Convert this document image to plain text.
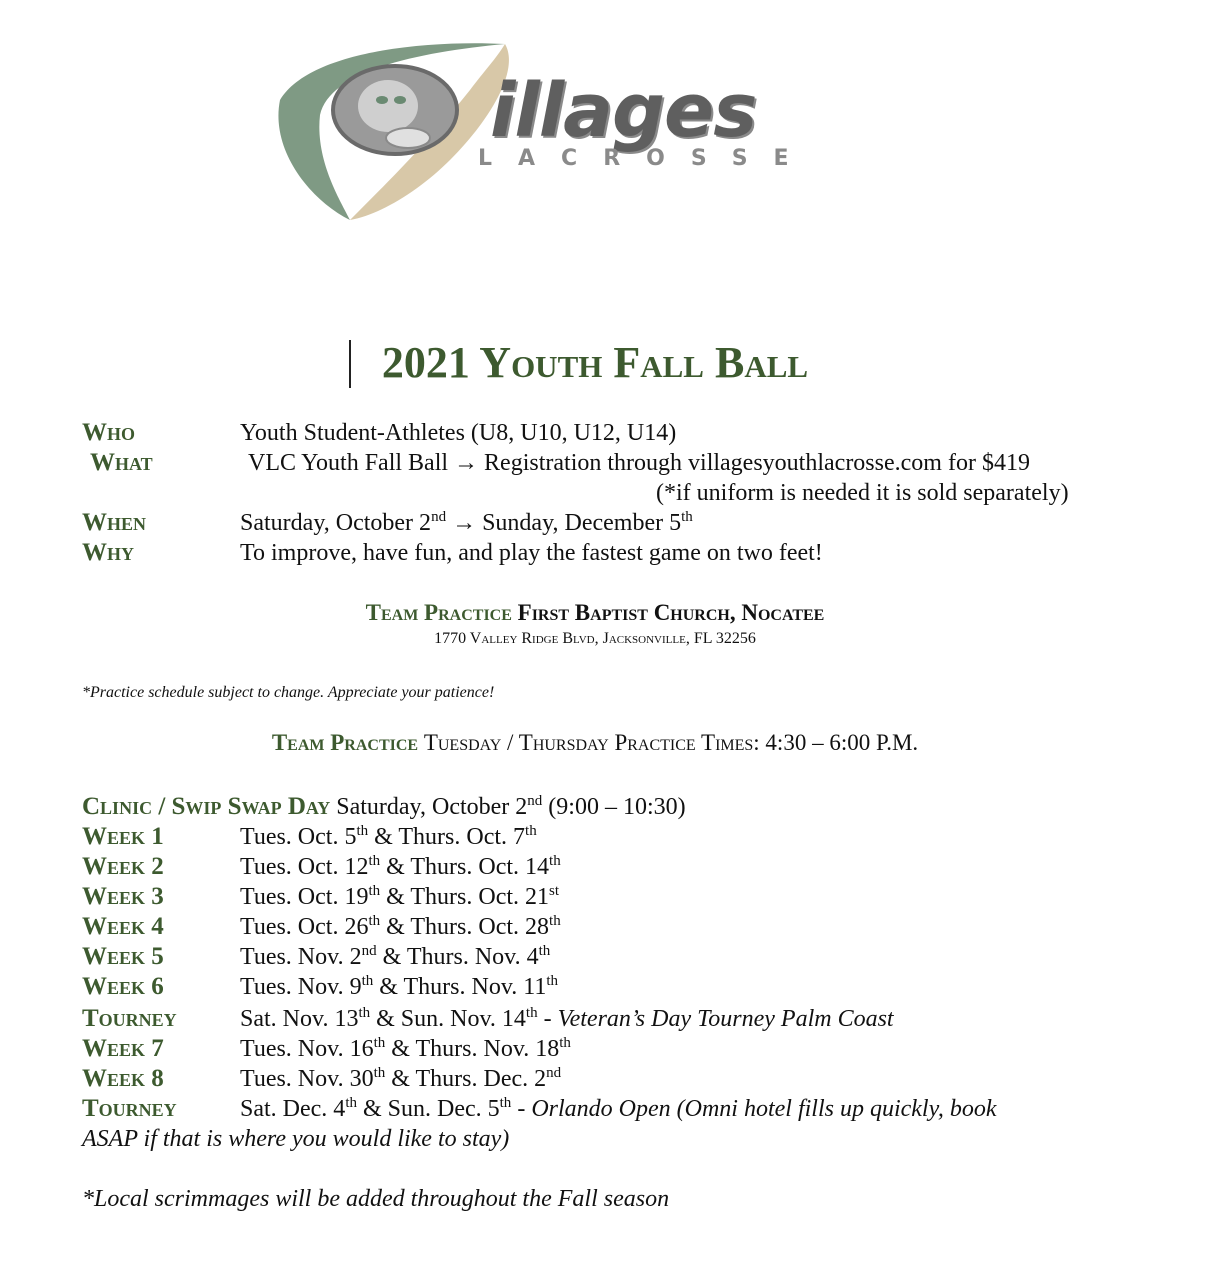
illages
LACROSSE
2021 Youth Fall Ball
Who	Youth Student-Athletes (U8, U10, U12, U14)
What	VLC Youth Fall Ball → Registration through villagesyouthlacrosse.com for $419
(*if uniform is needed it is sold separately)
When	Saturday, October 2nd → Sunday, December 5th
Why	To improve, have fun, and play the fastest game on two feet!
Team Practice First Baptist Church, Nocatee
1770 Valley Ridge Blvd, Jacksonville, FL 32256
*Practice schedule subject to change. Appreciate your patience!
Team Practice Tuesday / Thursday Practice Times: 4:30 – 6:00 P.M.
Clinic / Swip Swap Day Saturday, October 2nd (9:00 – 10:30)
Week 1	Tues. Oct. 5th & Thurs. Oct. 7th
Week 2	Tues. Oct. 12th & Thurs. Oct. 14th
Week 3	Tues. Oct. 19th & Thurs. Oct. 21st
Week 4	Tues. Oct. 26th & Thurs. Oct. 28th
Week 5	Tues. Nov. 2nd & Thurs. Nov. 4th
Week 6	Tues. Nov. 9th & Thurs. Nov. 11th
Tourney	Sat. Nov. 13th & Sun. Nov. 14th - Veteran’s Day Tourney Palm Coast
Week 7	Tues. Nov. 16th & Thurs. Nov. 18th
Week 8	Tues. Nov. 30th & Thurs. Dec. 2nd
Tourney	Sat. Dec. 4th & Sun. Dec. 5th - Orlando Open (Omni hotel fills up quickly, book
ASAP if that is where you would like to stay)
*Local scrimmages will be added throughout the Fall season
